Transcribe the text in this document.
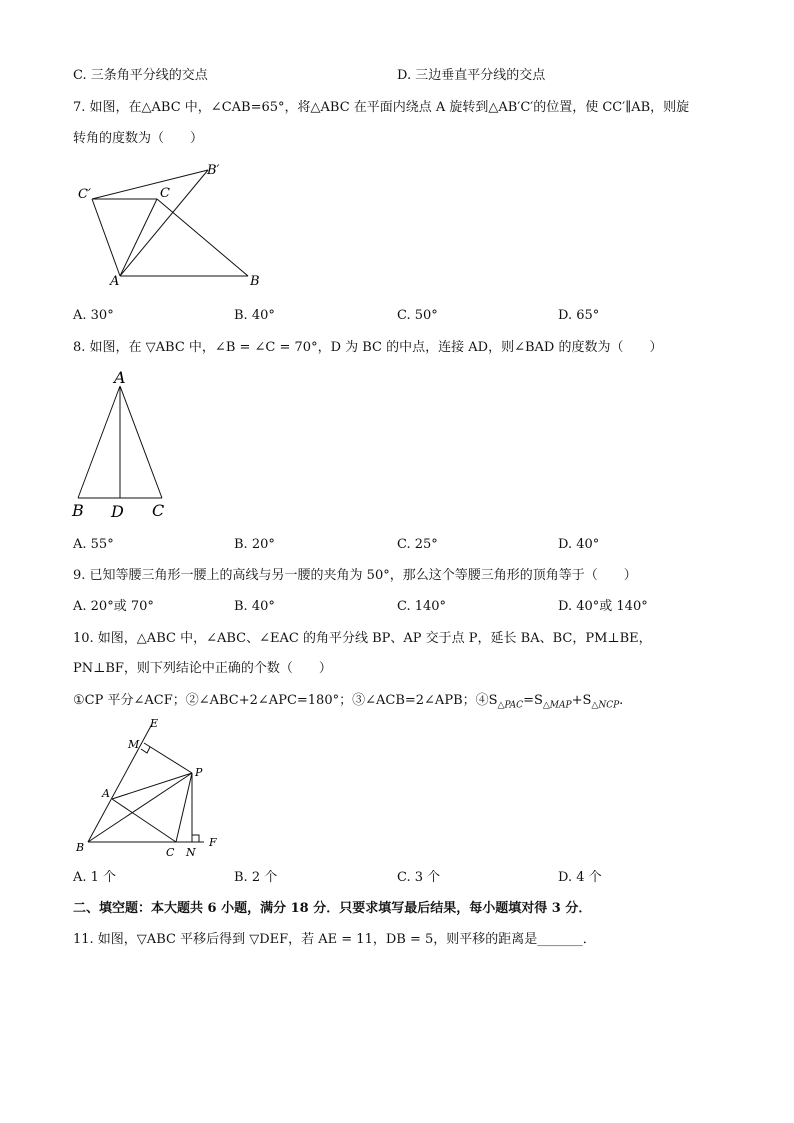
C. 三条角平分线的交点	D. 三边垂直平分线的交点
7. 如图，在△ABC 中，∠CAB=65°，将△ABC 在平面内绕点 A 旋转到△AB′C′的位置，使 CC′∥AB，则旋
转角的度数为（　　）
C′	C
B′
A	B
A. 30°	B. 40°	C. 50°	D. 65°
8. 如图，在 ▽ABC 中，∠B = ∠C = 70°，D 为 BC 的中点，连接 AD，则∠BAD 的度数为（　　）
A
B D C
A. 55°	B. 20°	C. 25°	D. 40°
9. 已知等腰三角形一腰上的高线与另一腰的夹角为 50°，那么这个等腰三角形的顶角等于（　　）
A. 20°或 70°	B. 40°	C. 140°	D. 40°或 140°
10. 如图，△ABC 中，∠ABC、∠EAC 的角平分线 BP、AP 交于点 P，延长 BA、BC，PM⊥BE，
PN⊥BF，则下列结论中正确的个数（　　）
①CP 平分∠ACF；②∠ABC+2∠APC=180°；③∠ACB=2∠APB；$④S_{\triangle PAC}=S_{\triangle MAP}+S_{\triangle NCP}$.
E
M
P
A
B	C N
F
A. 1 个	B. 2 个	C. 3 个	D. 4 个
二、填空题：本大题共 6 小题，满分 18 分．只要求填写最后结果，每小题填对得 3 分．
11. 如图，▽ABC 平移后得到 ▽DEF，若 AE = 11，DB = 5，则平移的距离是_______．
